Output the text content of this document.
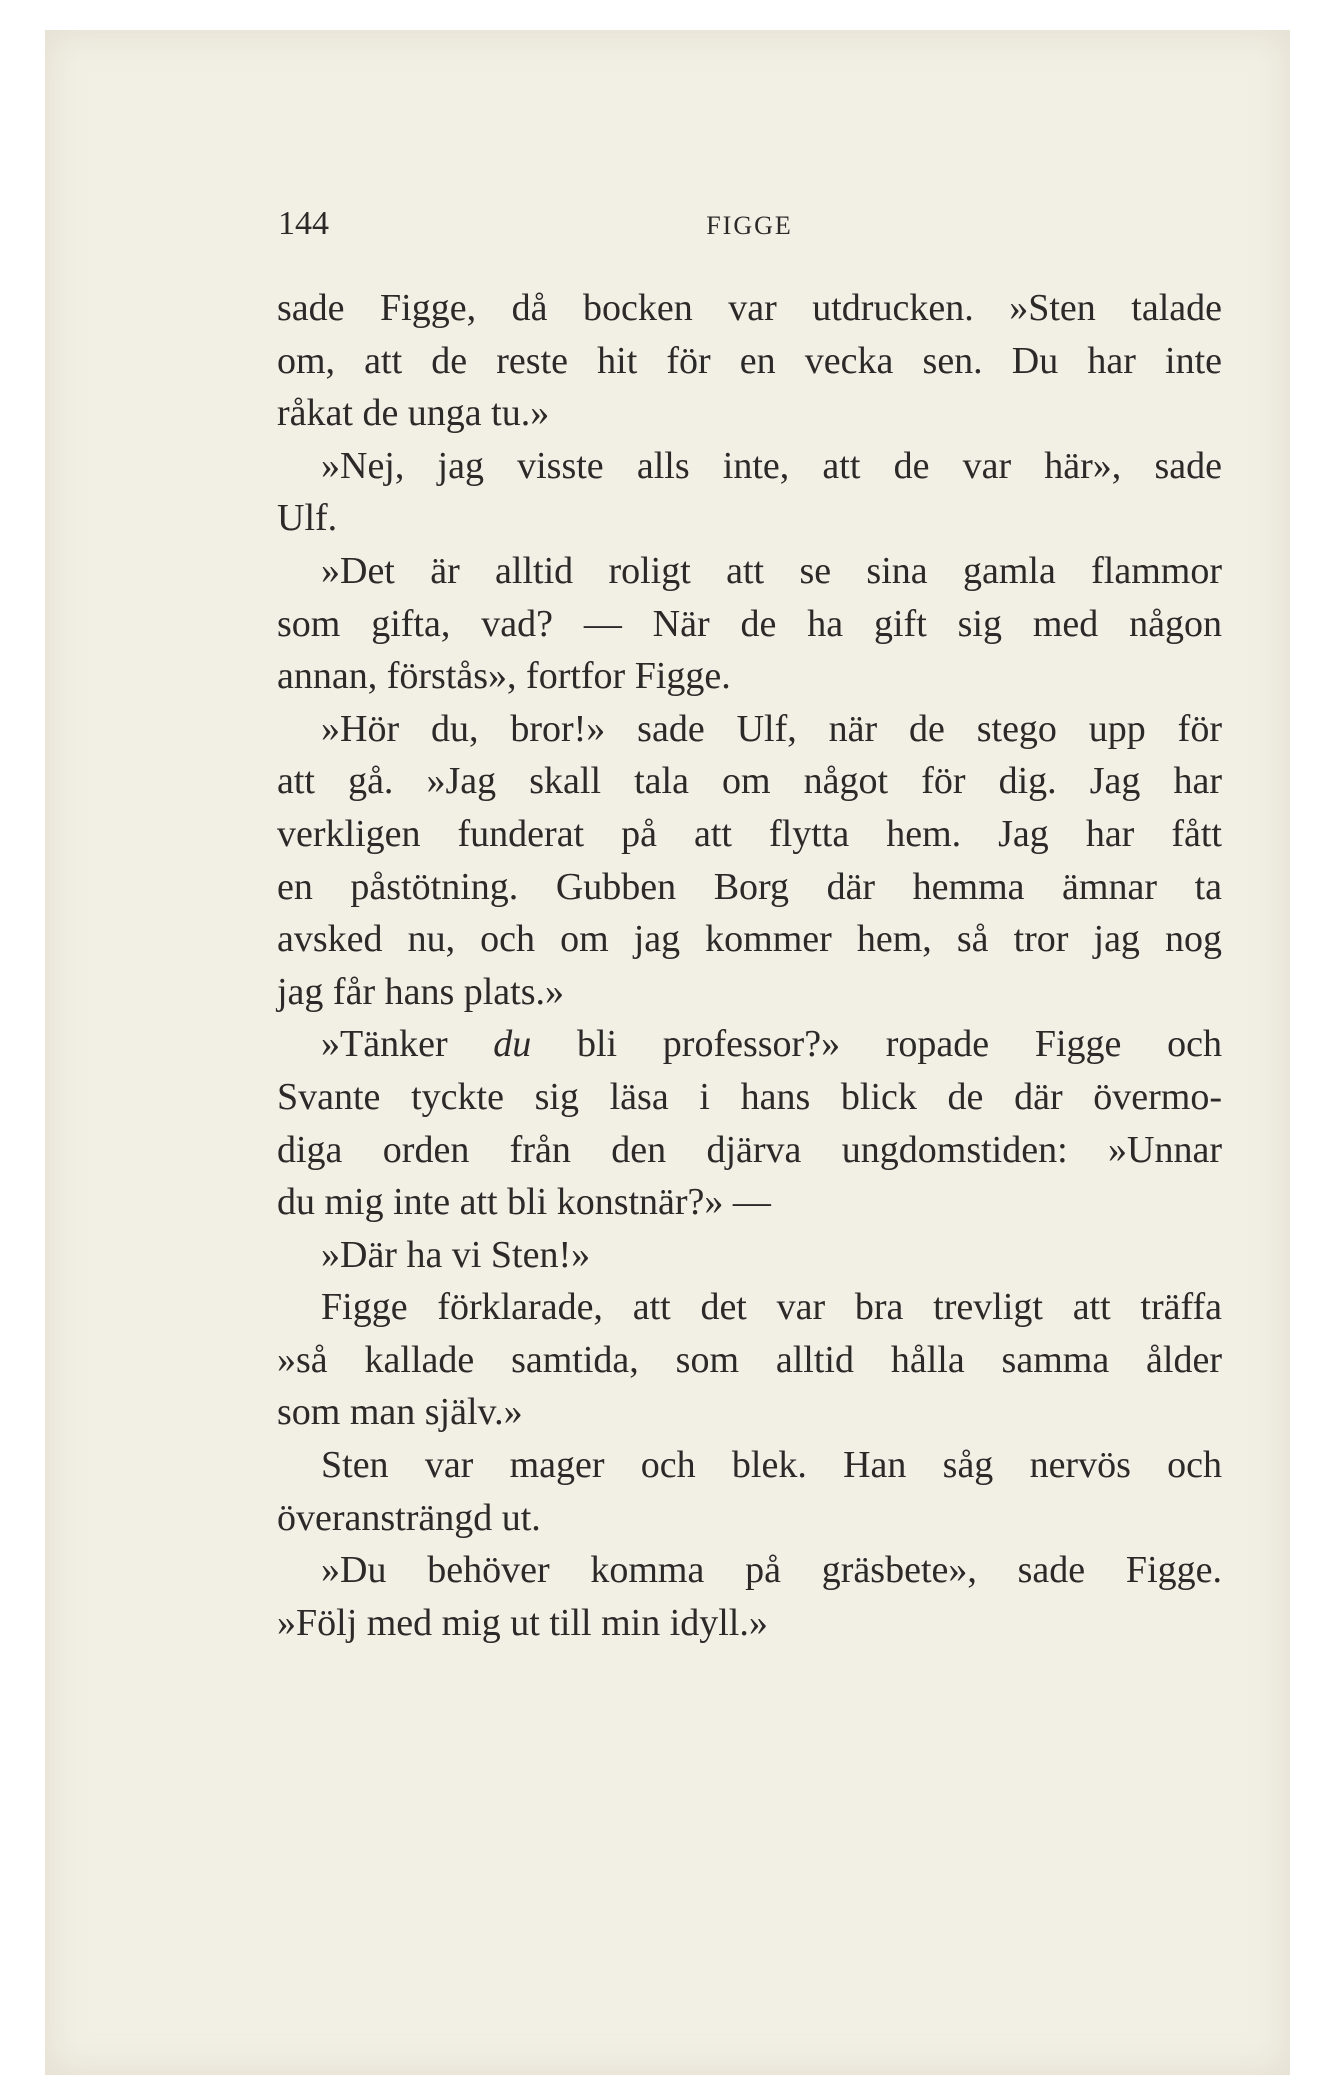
144	FIGGE

sade Figge, då bocken var utdrucken. »Sten talade
om, att de reste hit för en vecka sen. Du har inte
råkat de unga tu.»

»Nej, jag visste alls inte, att de var här», sade
Ulf.

»Det är alltid roligt att se sina gamla flammor
som gifta, vad? — När de ha gift sig med någon
annan, förstås», fortfor Figge.

»Hör du, bror!» sade Ulf, när de stego upp för
att gå. »Jag skall tala om något för dig. Jag har
verkligen funderat på att flytta hem. Jag har fått
en påstötning. Gubben Borg där hemma ämnar ta
avsked nu, och om jag kommer hem, så tror jag nog
jag får hans plats.»

»Tänker du bli professor?» ropade Figge och
Svante tyckte sig läsa i hans blick de där övermo-
diga orden från den djärva ungdomstiden: »Unnar
du mig inte att bli konstnär?» —

»Där ha vi Sten!»

Figge förklarade, att det var bra trevligt att träffa
»så kallade samtida, som alltid hålla samma ålder
som man själv.»

Sten var mager och blek. Han såg nervös och
överansträngd ut.

»Du behöver komma på gräsbete», sade Figge.
»Följ med mig ut till min idyll.»
